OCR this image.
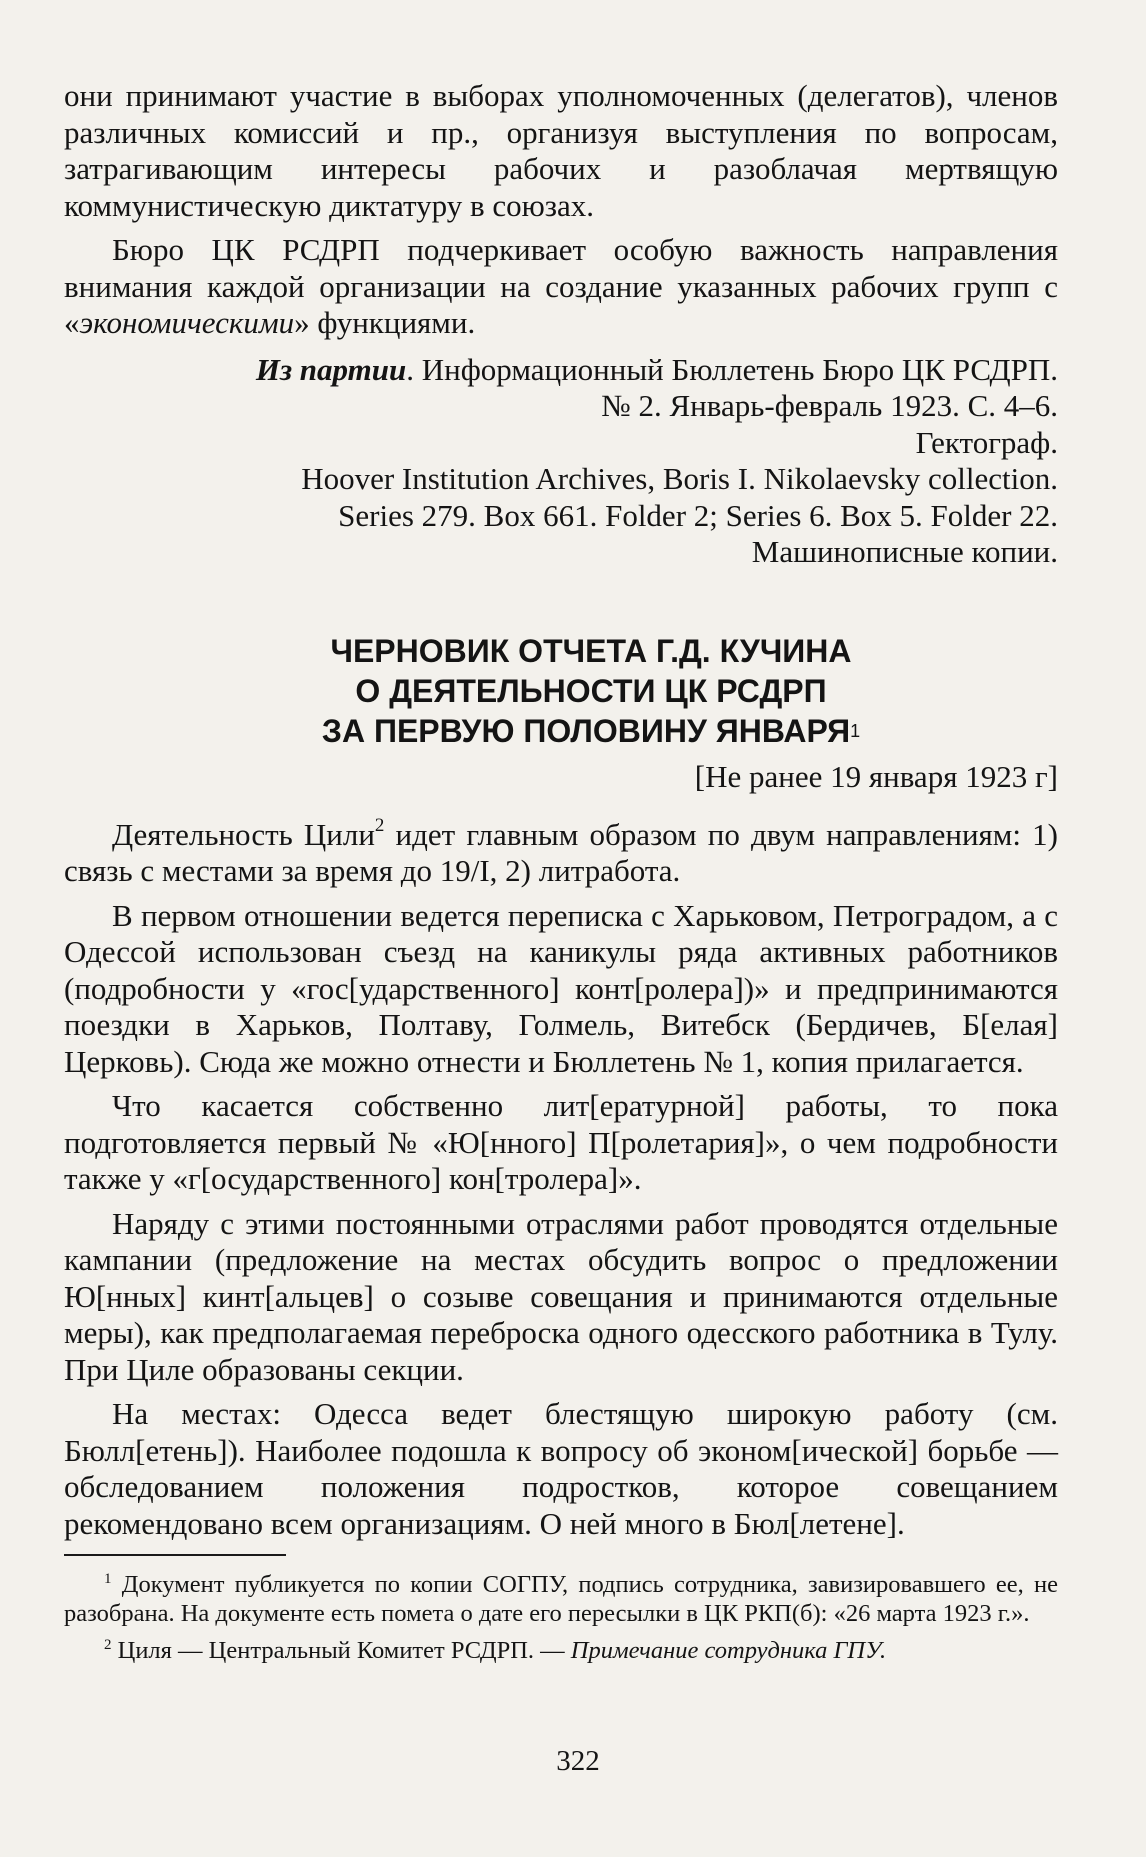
они принимают участие в выборах уполномоченных (делегатов), членов различных комиссий и пр., организуя выступления по вопросам, затрагивающим интересы рабочих и разоблачая мертвящую коммунистическую диктатуру в союзах.

Бюро ЦК РСДРП подчеркивает особую важность направления внимания каждой организации на создание указанных рабочих групп с «экономическими» функциями.

Из партии. Информационный Бюллетень Бюро ЦК РСДРП.
№ 2. Январь-февраль 1923. С. 4–6.
Гектограф.
Hoover Institution Archives, Boris I. Nikolaevsky collection.
Series 279. Box 661. Folder 2; Series 6. Box 5. Folder 22.
Машинописные копии.
ЧЕРНОВИК ОТЧЕТА Г.Д. КУЧИНА
О ДЕЯТЕЛЬНОСТИ ЦК РСДРП
ЗА ПЕРВУЮ ПОЛОВИНУ ЯНВАРЯ$^1$
[Не ранее 19 января 1923 г]

Деятельность Цили$^2$ идет главным образом по двум направлениям: 1) связь с местами за время до 19/I, 2) литработа.

В первом отношении ведется переписка с Харьковом, Петроградом, а с Одессой использован съезд на каникулы ряда активных работников (подробности у «гос[ударственного] конт[ролера])» и предпринимаются поездки в Харьков, Полтаву, Голмель, Витебск (Бердичев, Б[елая] Церковь). Сюда же можно отнести и Бюллетень № 1, копия прилагается.

Что касается собственно лит[ературной] работы, то пока подготовляется первый № «Ю[нного] П[ролетария]», о чем подробности также у «г[осударственного] кон[тролера]».

Наряду с этими постоянными отраслями работ проводятся отдельные кампании (предложение на местах обсудить вопрос о предложении Ю[нных] кинт[альцев] о созыве совещания и принимаются отдельные меры), как предполагаемая переброска одного одесского работника в Тулу. При Циле образованы секции.

На местах: Одесса ведет блестящую широкую работу (см. Бюлл[етень]). Наиболее подошла к вопросу об эконом[ической] борьбе — обследованием положения подростков, которое совещанием рекомендовано всем организациям. О ней много в Бюл[летене].

$^1$ Документ публикуется по копии СОГПУ, подпись сотрудника, завизировавшего ее, не разобрана. На документе есть помета о дате его пересылки в ЦК РКП(б): «26 марта 1923 г.».

$^2$ Циля — Центральный Комитет РСДРП. — Примечание сотрудника ГПУ.

322
